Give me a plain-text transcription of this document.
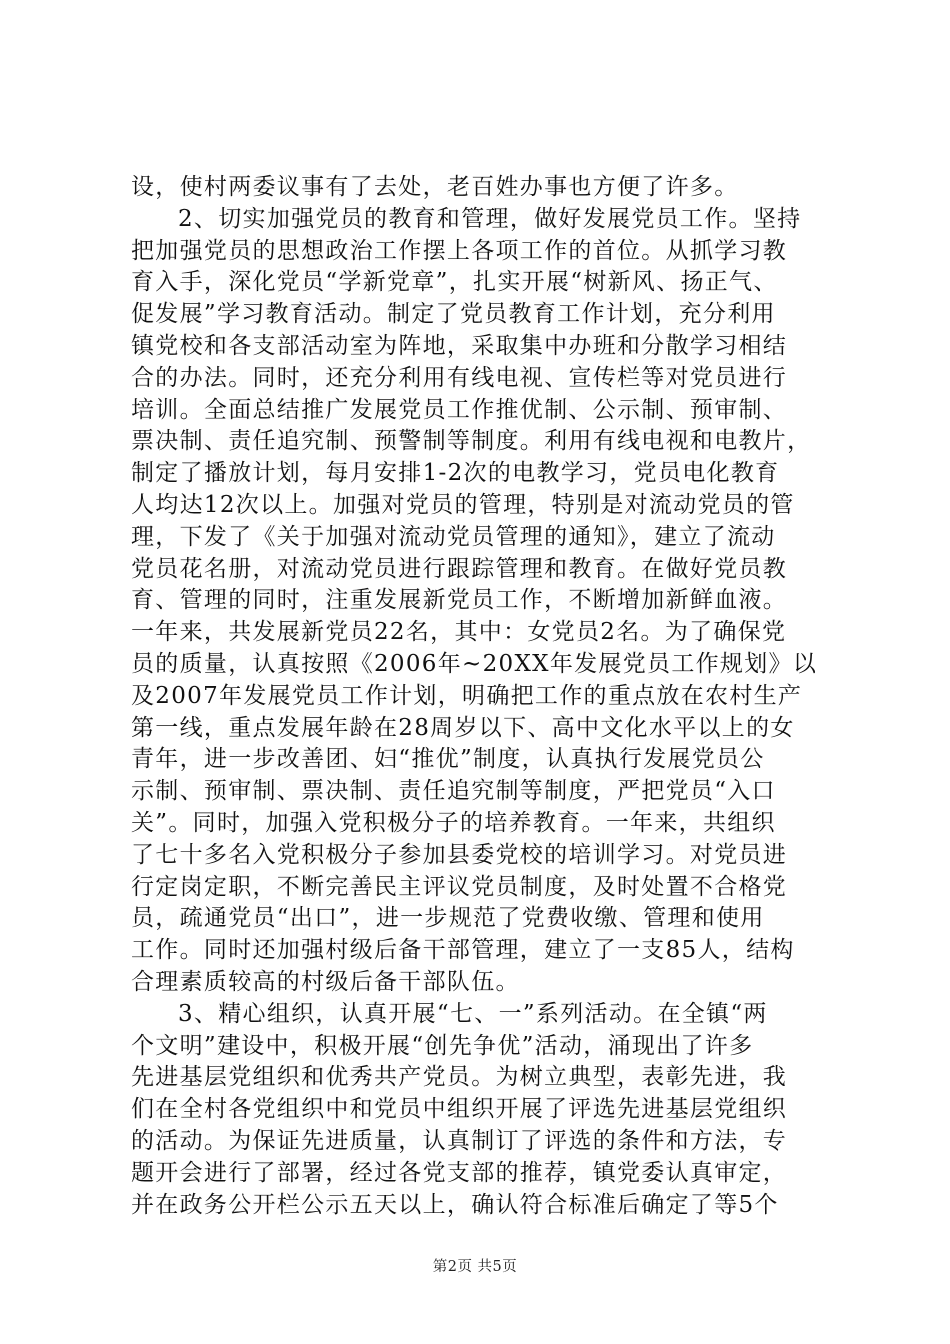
设，使村两委议事有了去处，老百姓办事也方便了许多。
2、切实加强党员的教育和管理，做好发展党员工作。坚持
把加强党员的思想政治工作摆上各项工作的首位。从抓学习教
育入手，深化党员“学新党章”，扎实开展“树新风、扬正气、
促发展”学习教育活动。制定了党员教育工作计划，充分利用
镇党校和各支部活动室为阵地，采取集中办班和分散学习相结
合的办法。同时，还充分利用有线电视、宣传栏等对党员进行
培训。全面总结推广发展党员工作推优制、公示制、预审制、
票决制、责任追究制、预警制等制度。利用有线电视和电教片，
制定了播放计划，每月安排1-2次的电教学习，党员电化教育
人均达12次以上。加强对党员的管理，特别是对流动党员的管
理，下发了《关于加强对流动党员管理的通知》，建立了流动
党员花名册，对流动党员进行跟踪管理和教育。在做好党员教
育、管理的同时，注重发展新党员工作，不断增加新鲜血液。
一年来，共发展新党员22名，其中：女党员2名。为了确保党
员的质量，认真按照《2006年~20XX年发展党员工作规划》以
及2007年发展党员工作计划，明确把工作的重点放在农村生产
第一线，重点发展年龄在28周岁以下、高中文化水平以上的女
青年，进一步改善团、妇“推优”制度，认真执行发展党员公
示制、预审制、票决制、责任追究制等制度，严把党员“入口
关”。同时，加强入党积极分子的培养教育。一年来，共组织
了七十多名入党积极分子参加县委党校的培训学习。对党员进
行定岗定职，不断完善民主评议党员制度，及时处置不合格党
员，疏通党员“出口”，进一步规范了党费收缴、管理和使用
工作。同时还加强村级后备干部管理，建立了一支85人，结构
合理素质较高的村级后备干部队伍。
3、精心组织，认真开展“七、一”系列活动。在全镇“两
个文明”建设中，积极开展“创先争优”活动，涌现出了许多
先进基层党组织和优秀共产党员。为树立典型，表彰先进，我
们在全村各党组织中和党员中组织开展了评选先进基层党组织
的活动。为保证先进质量，认真制订了评选的条件和方法，专
题开会进行了部署，经过各党支部的推荐，镇党委认真审定，
并在政务公开栏公示五天以上，确认符合标准后确定了等5个
第2页 共5页
